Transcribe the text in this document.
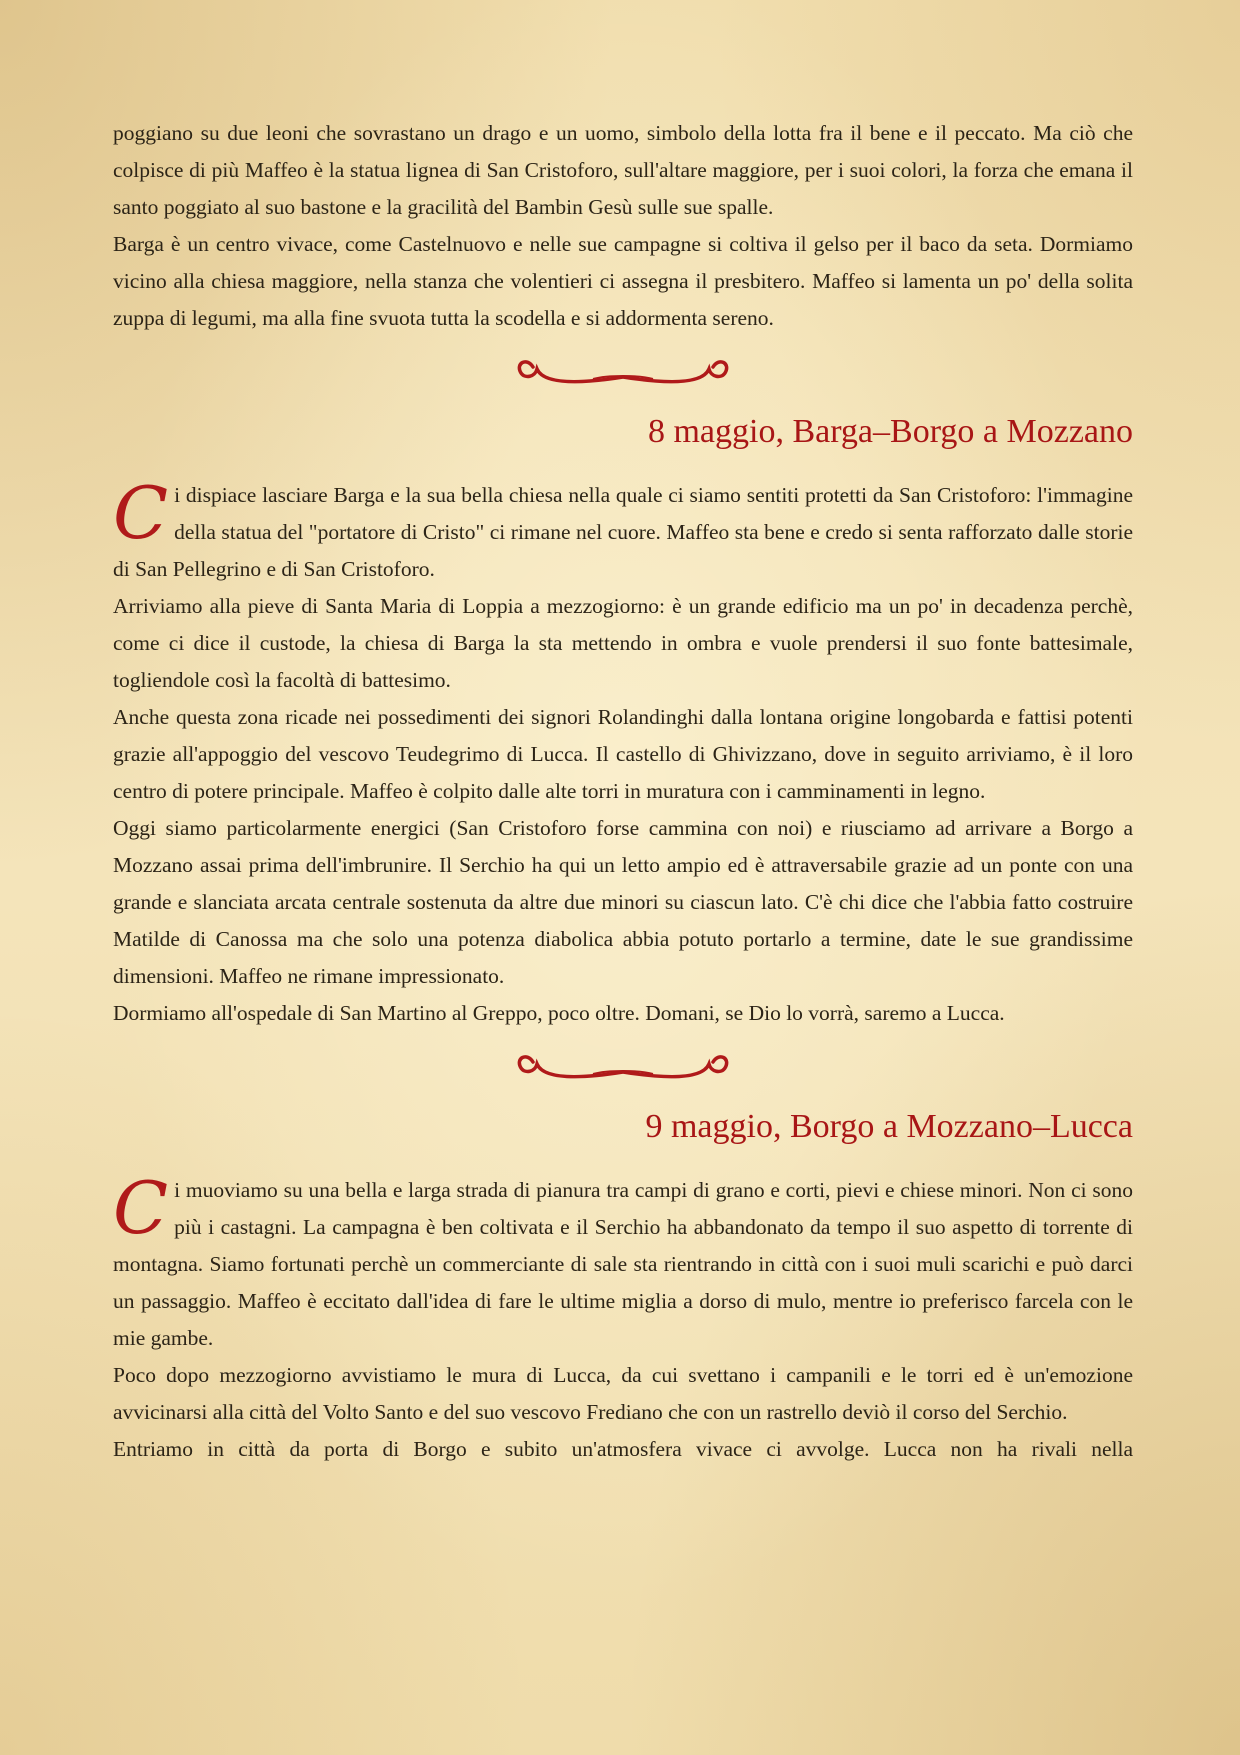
poggiano su due leoni che sovrastano un drago e un uomo, simbolo della lotta fra il bene e il peccato. Ma ciò che colpisce di più Maffeo è la statua lignea di San Cristoforo, sull'altare maggiore, per i suoi colori, la forza che emana il santo poggiato al suo bastone e la gracilità del Bambin Gesù sulle sue spalle.

Barga è un centro vivace, come Castelnuovo e nelle sue campagne si coltiva il gelso per il baco da seta. Dormiamo vicino alla chiesa maggiore, nella stanza che volentieri ci assegna il presbitero. Maffeo si lamenta un po' della solita zuppa di legumi, ma alla fine svuota tutta la scodella e si addormenta sereno.

8 maggio, Barga–Borgo a Mozzano

Ci dispiace lasciare Barga e la sua bella chiesa nella quale ci siamo sentiti protetti da San Cristoforo: l'immagine della statua del "portatore di Cristo" ci rimane nel cuore. Maffeo sta bene e credo si senta rafforzato dalle storie di San Pellegrino e di San Cristoforo.

Arriviamo alla pieve di Santa Maria di Loppia a mezzogiorno: è un grande edificio ma un po' in decadenza perchè, come ci dice il custode, la chiesa di Barga la sta mettendo in ombra e vuole prendersi il suo fonte battesimale, togliendole così la facoltà di battesimo.

Anche questa zona ricade nei possedimenti dei signori Rolandinghi dalla lontana origine longobarda e fattisi potenti grazie all'appoggio del vescovo Teudegrimo di Lucca. Il castello di Ghivizzano, dove in seguito arriviamo, è il loro centro di potere principale. Maffeo è colpito dalle alte torri in muratura con i camminamenti in legno.

Oggi siamo particolarmente energici (San Cristoforo forse cammina con noi) e riusciamo ad arrivare a Borgo a Mozzano assai prima dell'imbrunire. Il Serchio ha qui un letto ampio ed è attraversabile grazie ad un ponte con una grande e slanciata arcata centrale sostenuta da altre due minori su ciascun lato. C'è chi dice che l'abbia fatto costruire Matilde di Canossa ma che solo una potenza diabolica abbia potuto portarlo a termine, date le sue grandissime dimensioni. Maffeo ne rimane impressionato.

Dormiamo all'ospedale di San Martino al Greppo, poco oltre. Domani, se Dio lo vorrà, saremo a Lucca.

9 maggio, Borgo a Mozzano–Lucca

Ci muoviamo su una bella e larga strada di pianura tra campi di grano e corti, pievi e chiese minori. Non ci sono più i castagni. La campagna è ben coltivata e il Serchio ha abbandonato da tempo il suo aspetto di torrente di montagna. Siamo fortunati perchè un commerciante di sale sta rientrando in città con i suoi muli scarichi e può darci un passaggio. Maffeo è eccitato dall'idea di fare le ultime miglia a dorso di mulo, mentre io preferisco farcela con le mie gambe.

Poco dopo mezzogiorno avvistiamo le mura di Lucca, da cui svettano i campanili e le torri ed è un'emozione avvicinarsi alla città del Volto Santo e del suo vescovo Frediano che con un rastrello deviò il corso del Serchio.

Entriamo in città da porta di Borgo e subito un'atmosfera vivace ci avvolge. Lucca non ha rivali nella
